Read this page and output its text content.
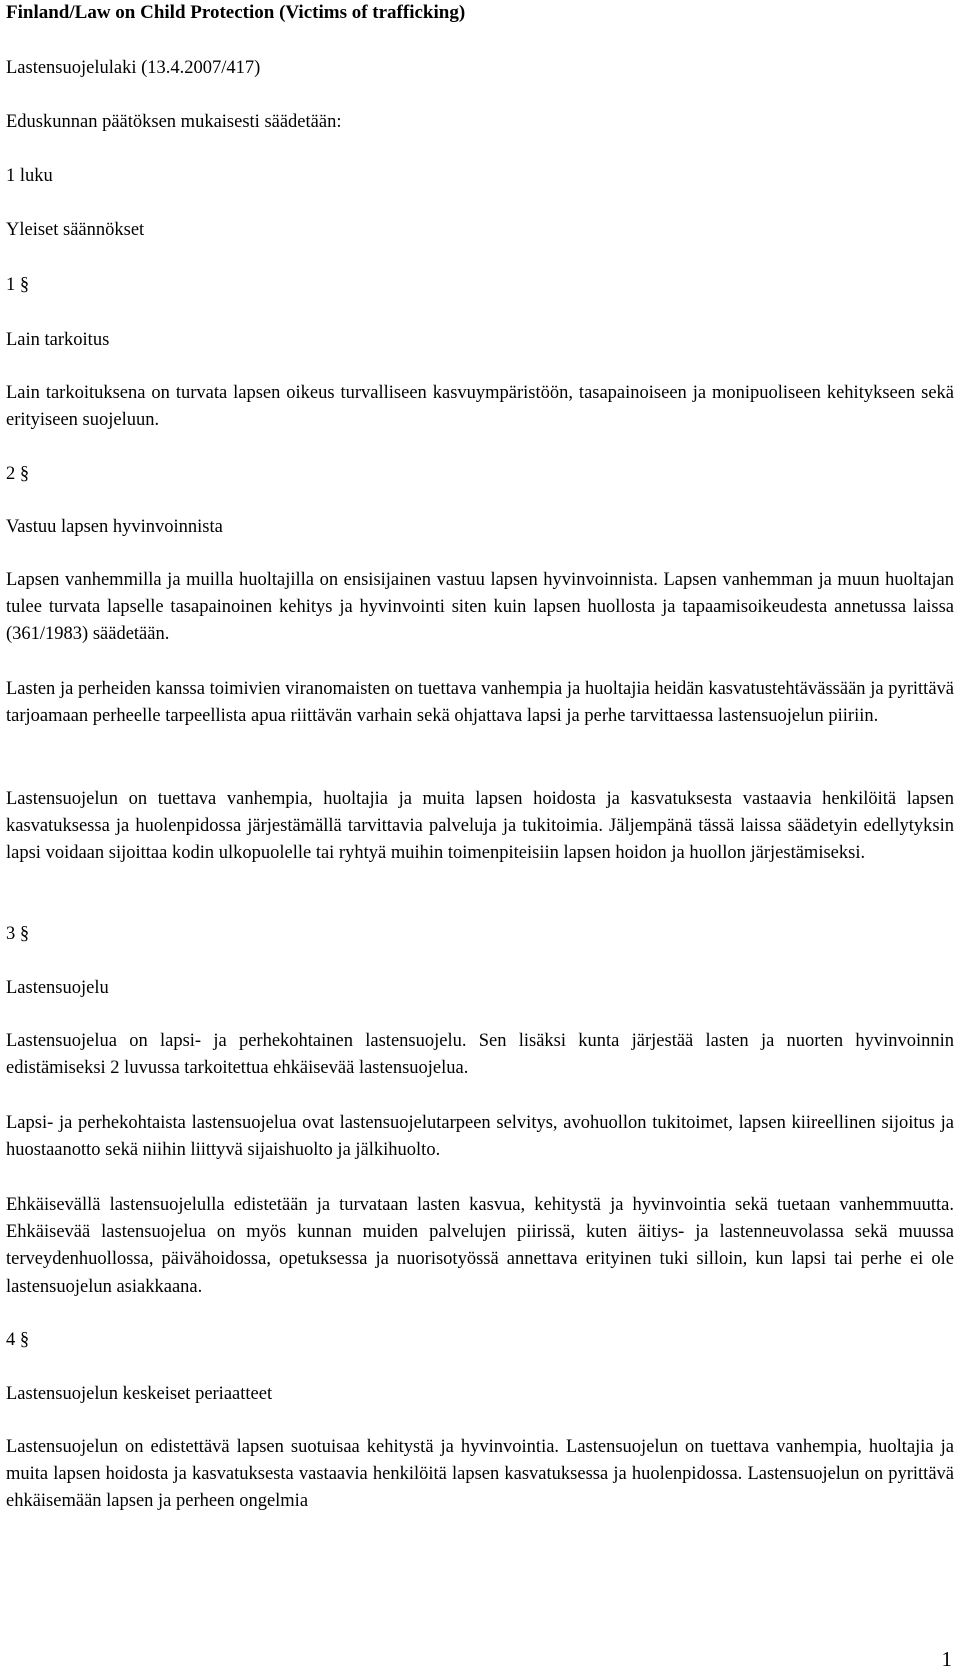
Finland/Law on Child Protection (Victims of trafficking)

Lastensuojelulaki (13.4.2007/417)

Eduskunnan päätöksen mukaisesti säädetään:

1 luku

Yleiset säännökset

1 §

Lain tarkoitus

Lain tarkoituksena on turvata lapsen oikeus turvalliseen kasvuympäristöön, tasapainoiseen ja monipuoliseen kehitykseen sekä erityiseen suojeluun.

2 §

Vastuu lapsen hyvinvoinnista

Lapsen vanhemmilla ja muilla huoltajilla on ensisijainen vastuu lapsen hyvinvoinnista. Lapsen vanhemman ja muun huoltajan tulee turvata lapselle tasapainoinen kehitys ja hyvinvointi siten kuin lapsen huollosta ja tapaamisoikeudesta annetussa laissa (361/1983) säädetään.

Lasten ja perheiden kanssa toimivien viranomaisten on tuettava vanhempia ja huoltajia heidän kasvatustehtävässään ja pyrittävä tarjoamaan perheelle tarpeellista apua riittävän varhain sekä ohjattava lapsi ja perhe tarvittaessa lastensuojelun piiriin.

Lastensuojelun on tuettava vanhempia, huoltajia ja muita lapsen hoidosta ja kasvatuksesta vastaavia henkilöitä lapsen kasvatuksessa ja huolenpidossa järjestämällä tarvittavia palveluja ja tukitoimia. Jäljempänä tässä laissa säädetyin edellytyksin lapsi voidaan sijoittaa kodin ulkopuolelle tai ryhtyä muihin toimenpiteisiin lapsen hoidon ja huollon järjestämiseksi.

3 §

Lastensuojelu

Lastensuojelua on lapsi- ja perhekohtainen lastensuojelu. Sen lisäksi kunta järjestää lasten ja nuorten hyvinvoinnin edistämiseksi 2 luvussa tarkoitettua ehkäisevää lastensuojelua.

Lapsi- ja perhekohtaista lastensuojelua ovat lastensuojelutarpeen selvitys, avohuollon tukitoimet, lapsen kiireellinen sijoitus ja huostaanotto sekä niihin liittyvä sijaishuolto ja jälkihuolto.

Ehkäisevällä lastensuojelulla edistetään ja turvataan lasten kasvua, kehitystä ja hyvinvointia sekä tuetaan vanhemmuutta. Ehkäisevää lastensuojelua on myös kunnan muiden palvelujen piirissä, kuten äitiys- ja lastenneuvolassa sekä muussa terveydenhuollossa, päivähoidossa, opetuksessa ja nuorisotyössä annettava erityinen tuki silloin, kun lapsi tai perhe ei ole lastensuojelun asiakkaana.

4 §

Lastensuojelun keskeiset periaatteet

Lastensuojelun on edistettävä lapsen suotuisaa kehitystä ja hyvinvointia. Lastensuojelun on tuettava vanhempia, huoltajia ja muita lapsen hoidosta ja kasvatuksesta vastaavia henkilöitä lapsen kasvatuksessa ja huolenpidossa. Lastensuojelun on pyrittävä ehkäisemään lapsen ja perheen ongelmia

1
